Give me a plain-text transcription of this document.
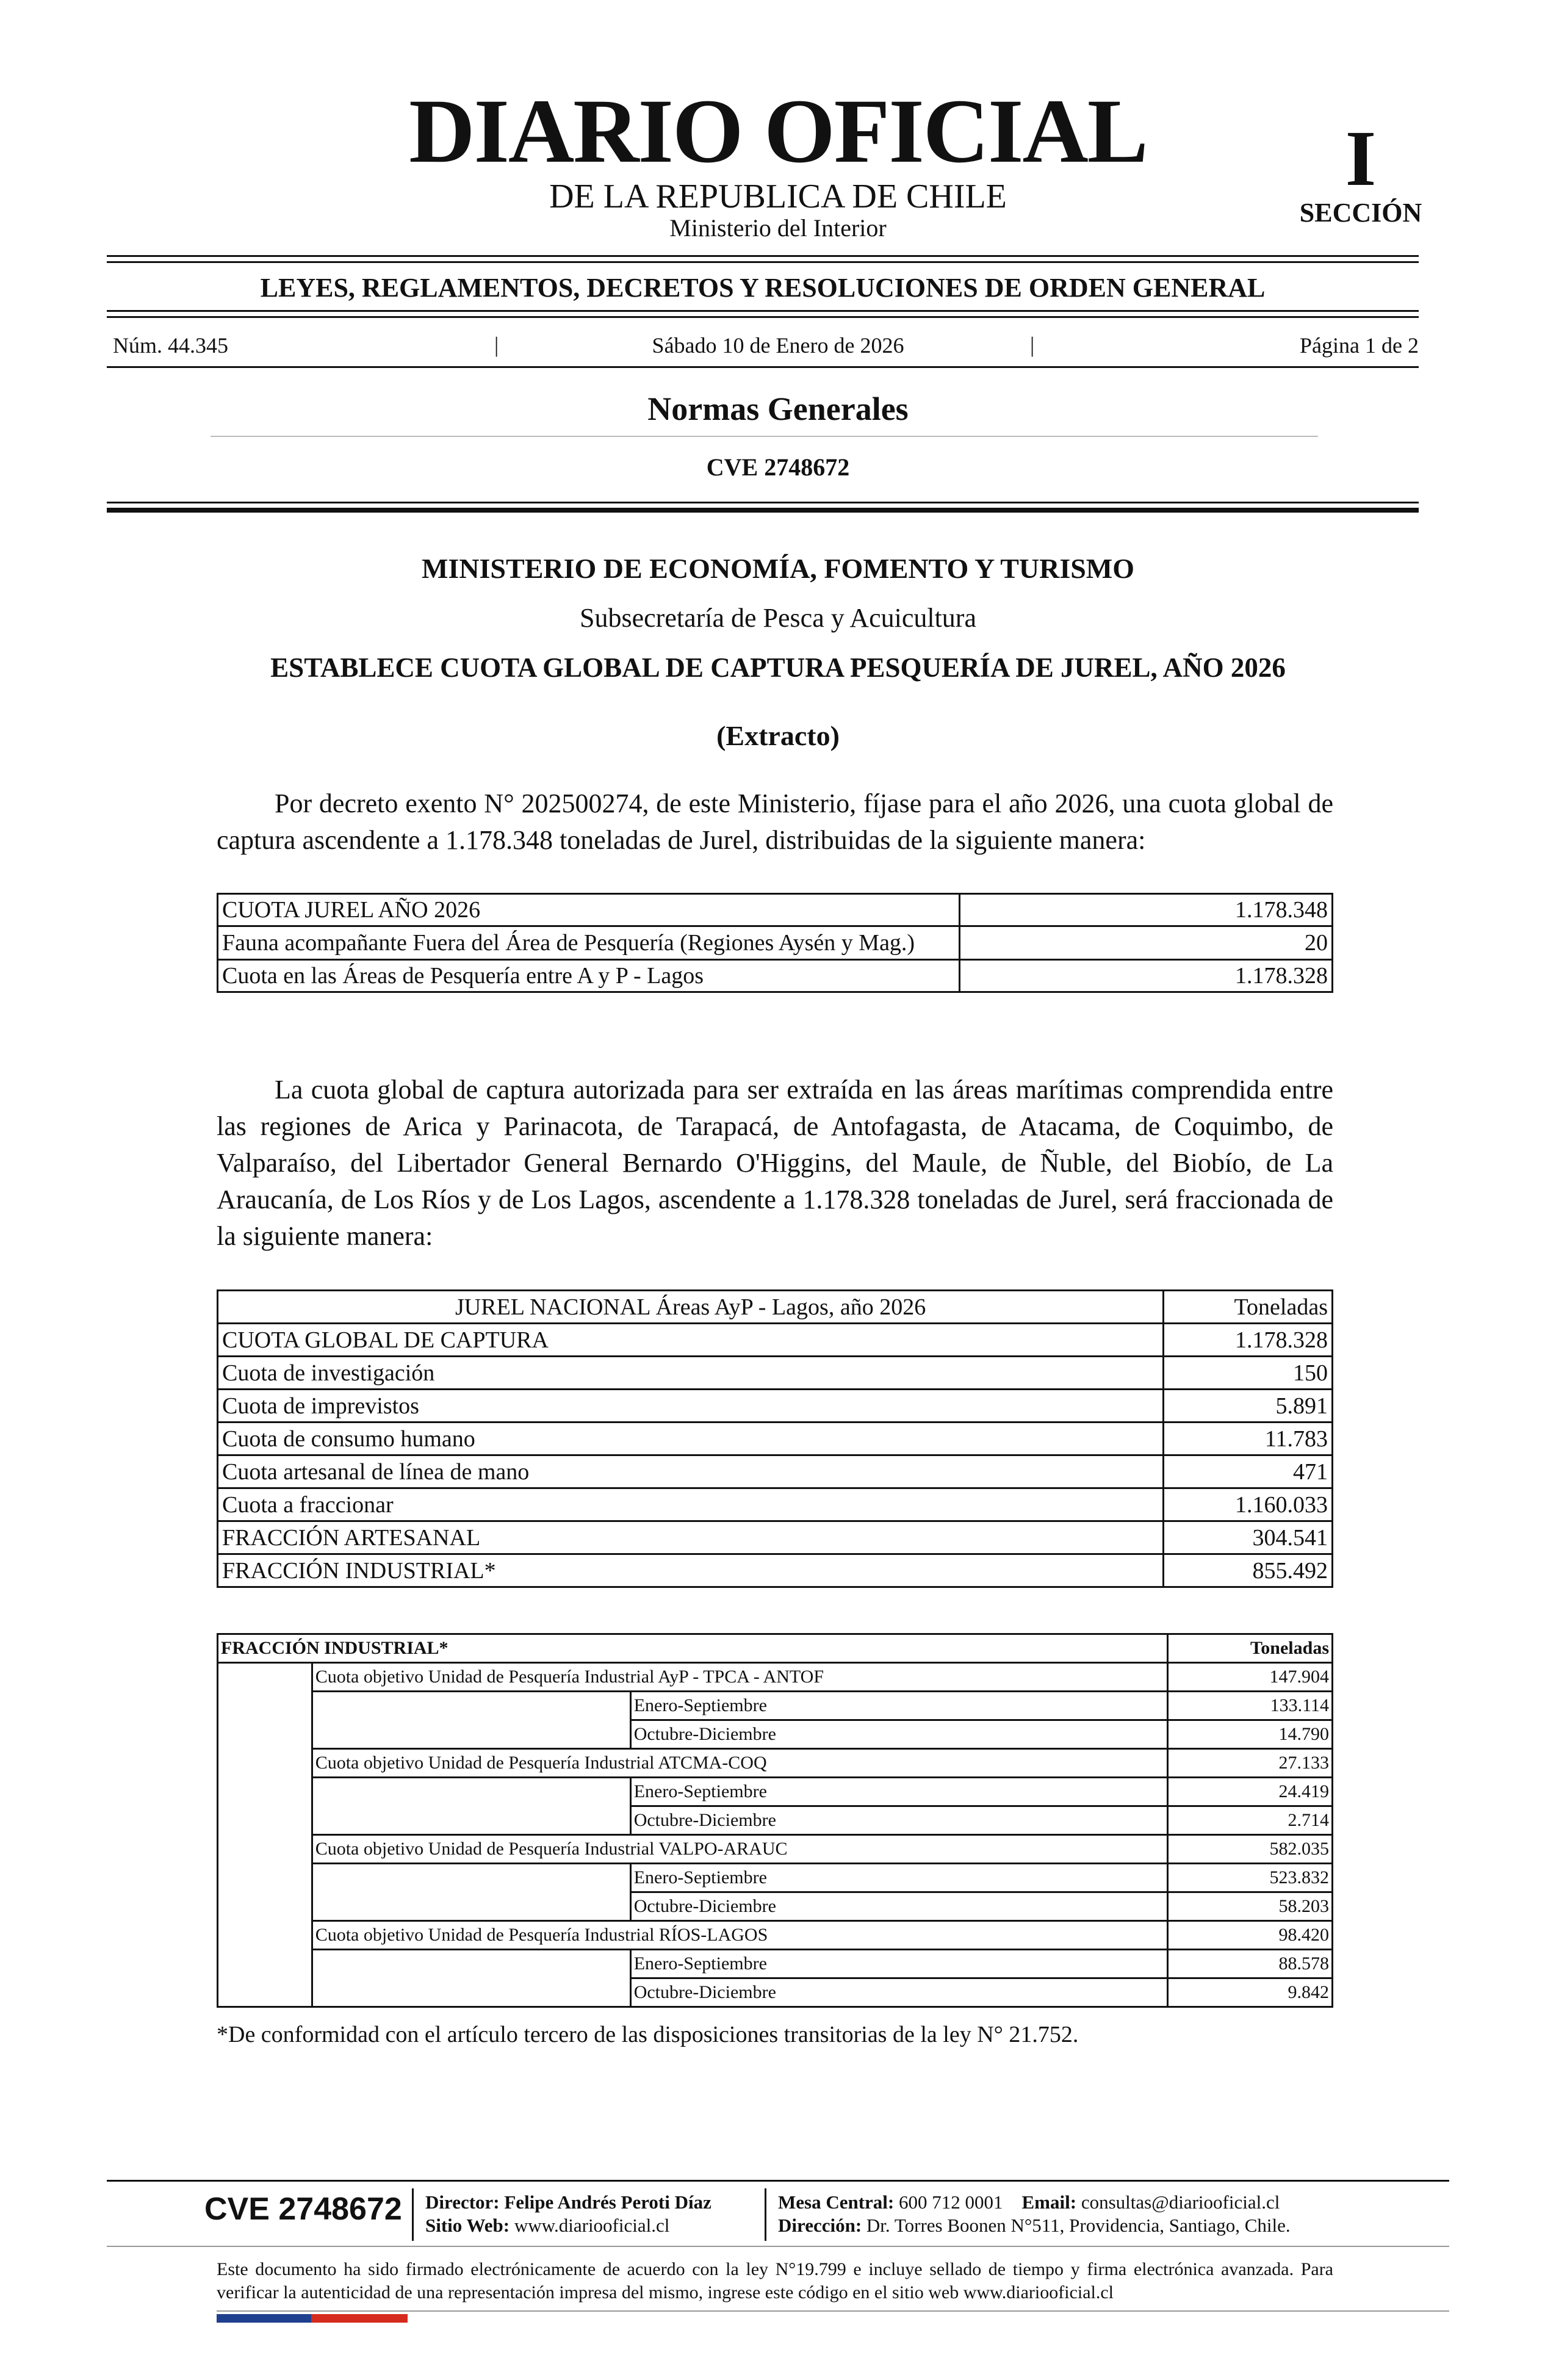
DIARIO OFICIAL
DE LA REPUBLICA DE CHILE
Ministerio del Interior
I
SECCIÓN
LEYES, REGLAMENTOS, DECRETOS Y RESOLUCIONES DE ORDEN GENERAL
Núm. 44.345	|	Sábado 10 de Enero de 2026	|	Página 1 de 2
Normas Generales
CVE 2748672
MINISTERIO DE ECONOMÍA, FOMENTO Y TURISMO
Subsecretaría de Pesca y Acuicultura
ESTABLECE CUOTA GLOBAL DE CAPTURA PESQUERÍA DE JUREL, AÑO 2026
(Extracto)
Por decreto exento N° 202500274, de este Ministerio, fíjase para el año 2026, una cuota global de captura ascendente a 1.178.348 toneladas de Jurel, distribuidas de la siguiente manera:
CUOTA JUREL AÑO 2026	1.178.348
Fauna acompañante Fuera del Área de Pesquería (Regiones Aysén y Mag.)	20
Cuota en las Áreas de Pesquería entre A y P - Lagos	1.178.328
La cuota global de captura autorizada para ser extraída en las áreas marítimas comprendida entre las regiones de Arica y Parinacota, de Tarapacá, de Antofagasta, de Atacama, de Coquimbo, de Valparaíso, del Libertador General Bernardo O'Higgins, del Maule, de Ñuble, del Biobío, de La Araucanía, de Los Ríos y de Los Lagos, ascendente a 1.178.328 toneladas de Jurel, será fraccionada de la siguiente manera:
JUREL NACIONAL Áreas AyP - Lagos, año 2026	Toneladas
CUOTA GLOBAL DE CAPTURA	1.178.328
Cuota de investigación	150
Cuota de imprevistos	5.891
Cuota de consumo humano	11.783
Cuota artesanal de línea de mano	471
Cuota a fraccionar	1.160.033
FRACCIÓN ARTESANAL	304.541
FRACCIÓN INDUSTRIAL*	855.492
FRACCIÓN INDUSTRIAL*			Toneladas
	Cuota objetivo Unidad de Pesquería Industrial AyP - TPCA - ANTOF		147.904
		Enero-Septiembre	133.114
		Octubre-Diciembre	14.790
	Cuota objetivo Unidad de Pesquería Industrial ATCMA-COQ		27.133
		Enero-Septiembre	24.419
		Octubre-Diciembre	2.714
	Cuota objetivo Unidad de Pesquería Industrial VALPO-ARAUC		582.035
		Enero-Septiembre	523.832
		Octubre-Diciembre	58.203
	Cuota objetivo Unidad de Pesquería Industrial RÍOS-LAGOS		98.420
		Enero-Septiembre	88.578
		Octubre-Diciembre	9.842
*De conformidad con el artículo tercero de las disposiciones transitorias de la ley N° 21.752.
CVE 2748672 Director: Felipe Andrés Peroti Díaz
Sitio Web: www.diariooficial.cl
Mesa Central: 600 712 0001 Email: consultas@diariooficial.cl
Dirección: Dr. Torres Boonen N°511, Providencia, Santiago, Chile.
Este documento ha sido firmado electrónicamente de acuerdo con la ley N°19.799 e incluye sellado de tiempo y firma electrónica avanzada. Para verificar la autenticidad de una representación impresa del mismo, ingrese este código en el sitio web www.diariooficial.cl
